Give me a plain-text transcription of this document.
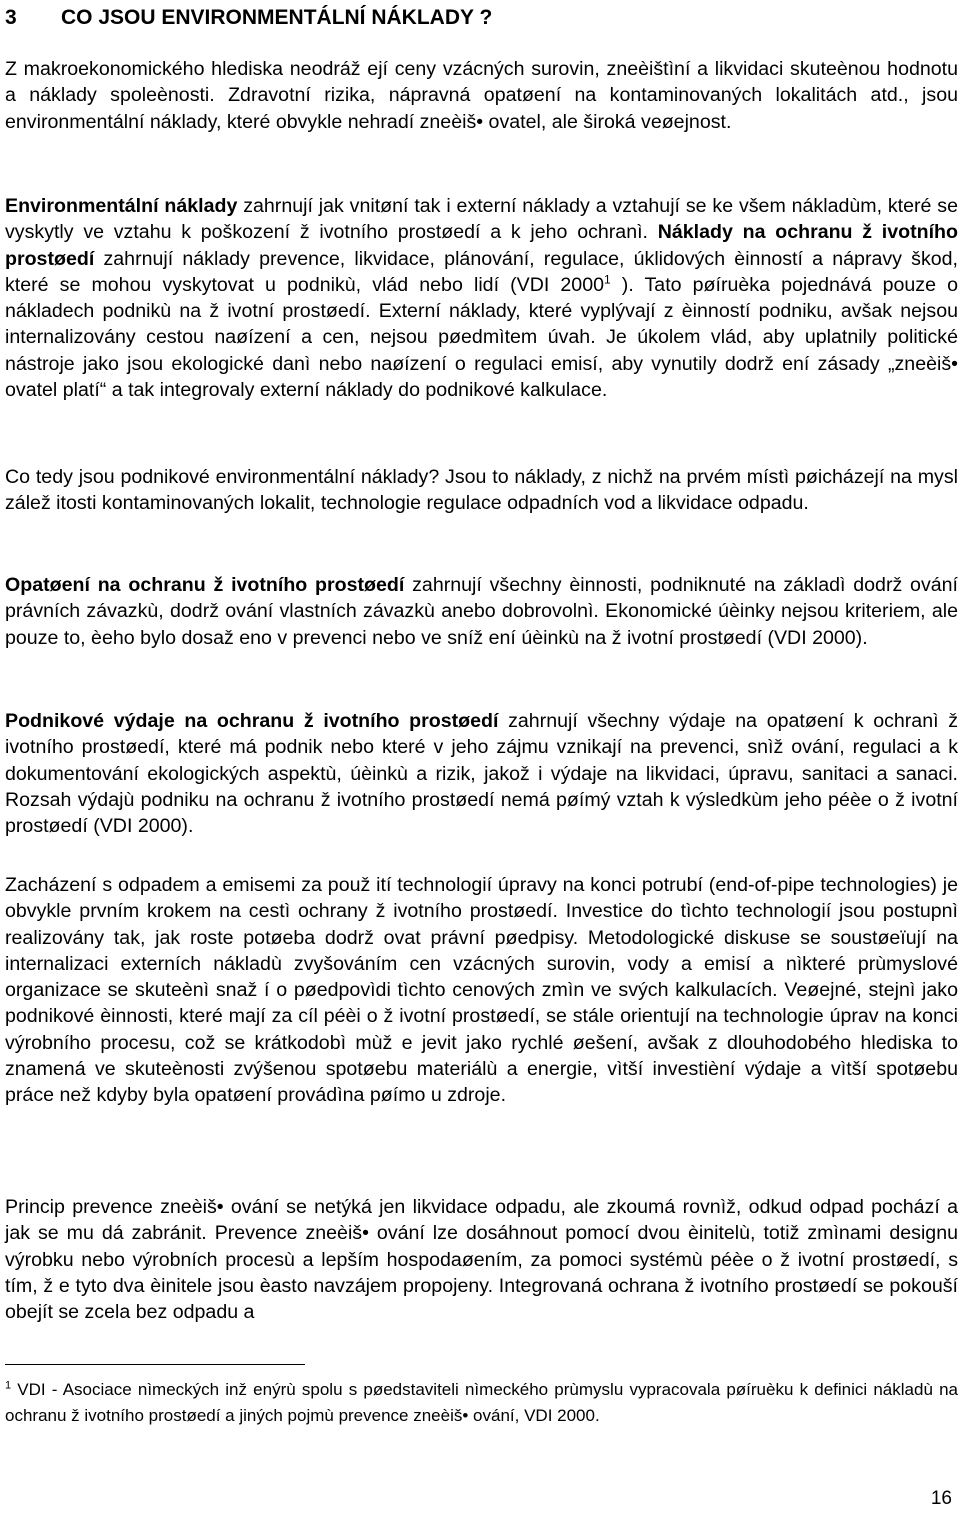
3 CO JSOU ENVIRONMENTÁLNÍ NÁKLADY ?

Z makroekonomického hlediska neodráž ejí ceny vzácných surovin, zneèištìní a likvidaci skuteènou hodnotu a náklady spoleènosti. Zdravotní rizika, nápravná opatøení na kontaminovaných lokalitách atd., jsou environmentální náklady, které obvykle nehradí zneèiš• ovatel, ale široká veøejnost.

Environmentální náklady zahrnují jak vnitøní tak i externí náklady a vztahují se ke všem nákladùm, které se vyskytly ve vztahu k poškození ž ivotního prostøedí a k jeho ochranì. Náklady na ochranu ž ivotního prostøedí zahrnují náklady prevence, likvidace, plánování, regulace, úklidových èinností a nápravy škod, které se mohou vyskytovat u podnikù, vlád nebo lidí (VDI 2000$^1$ ). Tato pøíruèka pojednává pouze o nákladech podnikù na ž ivotní prostøedí. Externí náklady, které vyplývají z èinností podniku, avšak nejsou internalizovány cestou naøízení a cen, nejsou pøedmìtem úvah. Je úkolem vlád, aby uplatnily politické nástroje jako jsou ekologické danì nebo naøízení o regulaci emisí, aby vynutily dodrž ení zásady „zneèiš• ovatel platí“ a tak integrovaly externí náklady do podnikové kalkulace.

Co tedy jsou podnikové environmentální náklady? Jsou to náklady, z nichž na prvém místì pøicházejí na mysl zálež itosti kontaminovaných lokalit, technologie regulace odpadních vod a likvidace odpadu.

Opatøení na ochranu ž ivotního prostøedí zahrnují všechny èinnosti, podniknuté na základì dodrž ování právních závazkù, dodrž ování vlastních závazkù anebo dobrovolnì. Ekonomické úèinky nejsou kriteriem, ale pouze to, èeho bylo dosaž eno v prevenci nebo ve sníž ení úèinkù na ž ivotní prostøedí (VDI 2000).

Podnikové výdaje na ochranu ž ivotního prostøedí zahrnují všechny výdaje na opatøení k ochranì ž ivotního prostøedí, které má podnik nebo které v jeho zájmu vznikají na prevenci, snìž ování, regulaci a k dokumentování ekologických aspektù, úèinkù a rizik, jakož i výdaje na likvidaci, úpravu, sanitaci a sanaci. Rozsah výdajù podniku na ochranu ž ivotního prostøedí nemá pøímý vztah k výsledkùm jeho péèe o ž ivotní prostøedí (VDI 2000).

Zacházení s odpadem a emisemi za použ ití technologií úpravy na konci potrubí (end-of-pipe technologies) je obvykle prvním krokem na cestì ochrany ž ivotního prostøedí. Investice do tìchto technologií jsou postupnì realizovány tak, jak roste potøeba dodrž ovat právní pøedpisy. Metodologické diskuse se soustøeïují na internalizaci externích nákladù zvyšováním cen vzácných surovin, vody a emisí a nìkteré prùmyslové organizace se skuteènì snaž í o pøedpovìdi tìchto cenových zmìn ve svých kalkulacích. Veøejné, stejnì jako podnikové èinnosti, které mají za cíl péèi o ž ivotní prostøedí, se stále orientují na technologie úprav na konci výrobního procesu, což se krátkodobì mùž e jevit jako rychlé øešení, avšak z dlouhodobého hlediska to znamená ve skuteènosti zvýšenou spotøebu materiálù a energie, vìtší investièní výdaje a vìtší spotøebu práce než kdyby byla opatøení provádìna pøímo u zdroje.

Princip prevence zneèiš• ování se netýká jen likvidace odpadu, ale zkoumá rovnìž, odkud odpad pochází a jak se mu dá zabránit. Prevence zneèiš• ování lze dosáhnout pomocí dvou èinitelù, totiž zmìnami designu výrobku nebo výrobních procesù a lepším hospodaøením, za pomoci systémù péèe o ž ivotní prostøedí, s tím, ž e tyto dva èinitele jsou èasto navzájem propojeny. Integrovaná ochrana ž ivotního prostøedí se pokouší obejít se zcela bez odpadu a

$^1$ VDI - Asociace nìmeckých inž enýrù spolu s pøedstaviteli nìmeckého prùmyslu vypracovala pøíruèku k definici nákladù na ochranu ž ivotního prostøedí a jiných pojmù prevence zneèiš• ování, VDI 2000.
16
